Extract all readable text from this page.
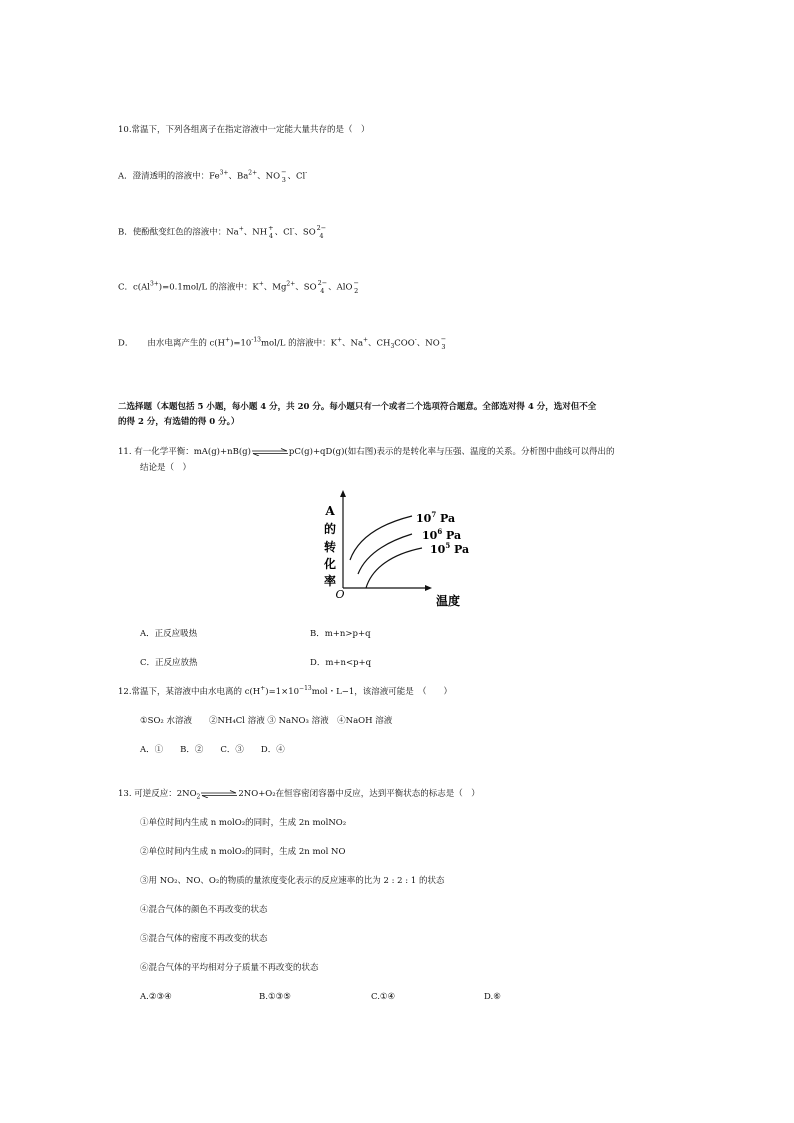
10.常温下，下列各组离子在指定溶液中一定能大量共存的是（　）
A．澄清透明的溶液中：$Fe^{3+}$、$Ba^{2+}$、NO −
3 、Cl-
B．使酚酞变红色的溶液中：Na+、NH +
4 、Cl-、SO 2−
4
C．$c(Al^{3+})=0.1mol/L$ 的溶液中：K+、$Mg^{2+}$、SO 2−
4 、AlO −
2
D． 由水电离产生的 $c(H^+)=10^{-13}mol/L$ 的溶液中：K+、Na+、$CH_3COO^-$、NO −
3
二选择题（本题包括 5 小题，每小题 4 分，共 20 分。每小题只有一个或者二个选项符合题意。全部选对得 4 分，选对但不全
的得 2 分，有选错的得 0 分。）
11. 有一化学平衡：mA(g)+nB(g)	pC(g)+qD(g)(如右图)表示的是转化率与压强、温度的关系。分析图中曲线可以得出的
结论是（　）
A
的
转
化
率
O	温度
$10^7$ Pa
$10^6$ Pa
$10^5$ Pa
A．正反应吸热	B．m+n>p+q
C．正反应放热	D．m+n<p+q
12.常温下，某溶液中由水电离的 $c(H^+)=1\times 10^{-13}mol$・L−1，该溶液可能是　（　　）
①SO₂ 水溶液　　②NH₄Cl 溶液 ③ NaNO₃ 溶液　④NaOH 溶液
A．①　　B．②　　C．③　　D．④
13. 可逆反应：$2NO_2$	2NO+O₂在恒容密闭容器中反应，达到平衡状态的标志是（　）
①单位时间内生成 n molO₂的同时，生成 2n molNO₂
②单位时间内生成 n molO₂的同时，生成 2n mol NO
③用 NO₂、NO、O₂的物质的量浓度变化表示的反应速率的比为 2 : 2 : 1 的状态
④混合气体的颜色不再改变的状态
⑤混合气体的密度不再改变的状态
⑥混合气体的平均相对分子质量不再改变的状态
A.②③④	B.①③⑤	C.①④	D.⑥
